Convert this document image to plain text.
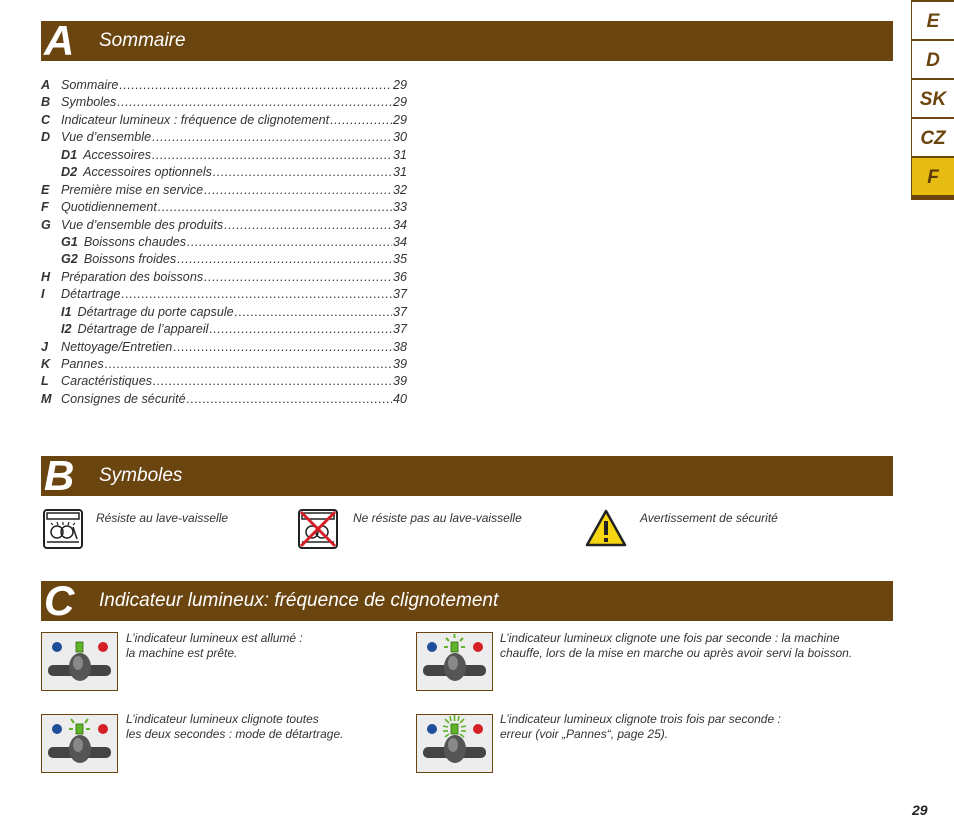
E
D
SK
CZ
F
A Sommaire
A Sommaire .....	29
B Symboles .....	29
C Indicateur lumineux : fréquence de clignotement .....	29
D Vue d’ensemble .....	30
D1 Accessoires .....	31
D2 Accessoires optionnels .....	31
E Première mise en service .....	32
F Quotidiennement .....	33
G Vue d’ensemble des produits .....	34
G1 Boissons chaudes .....	34
G2 Boissons froides .....	35
H Préparation des boissons .....	36
I Détartrage .....	37
I1 Détartrage du porte capsule .....	37
I2 Détartrage de l’appareil .....	37
J Nettoyage/Entretien .....	38
K Pannes .....	39
L Caractéristiques .....	39
M Consignes de sécurité .....	40
B Symboles
Résiste au lave-vaisselle	Ne résiste pas au lave-vaisselle	Avertissement de sécurité
C Indicateur lumineux: fréquence de clignotement
L’indicateur lumineux est allumé :
la machine est prête.
L’indicateur lumineux clignote une fois par seconde : la machine
chauffe, lors de la mise en marche ou après avoir servi la boisson.
L’indicateur lumineux clignote toutes
les deux secondes : mode de détartrage.
L’indicateur lumineux clignote trois fois par seconde :
erreur (voir „Pannes“, page 25).
29
